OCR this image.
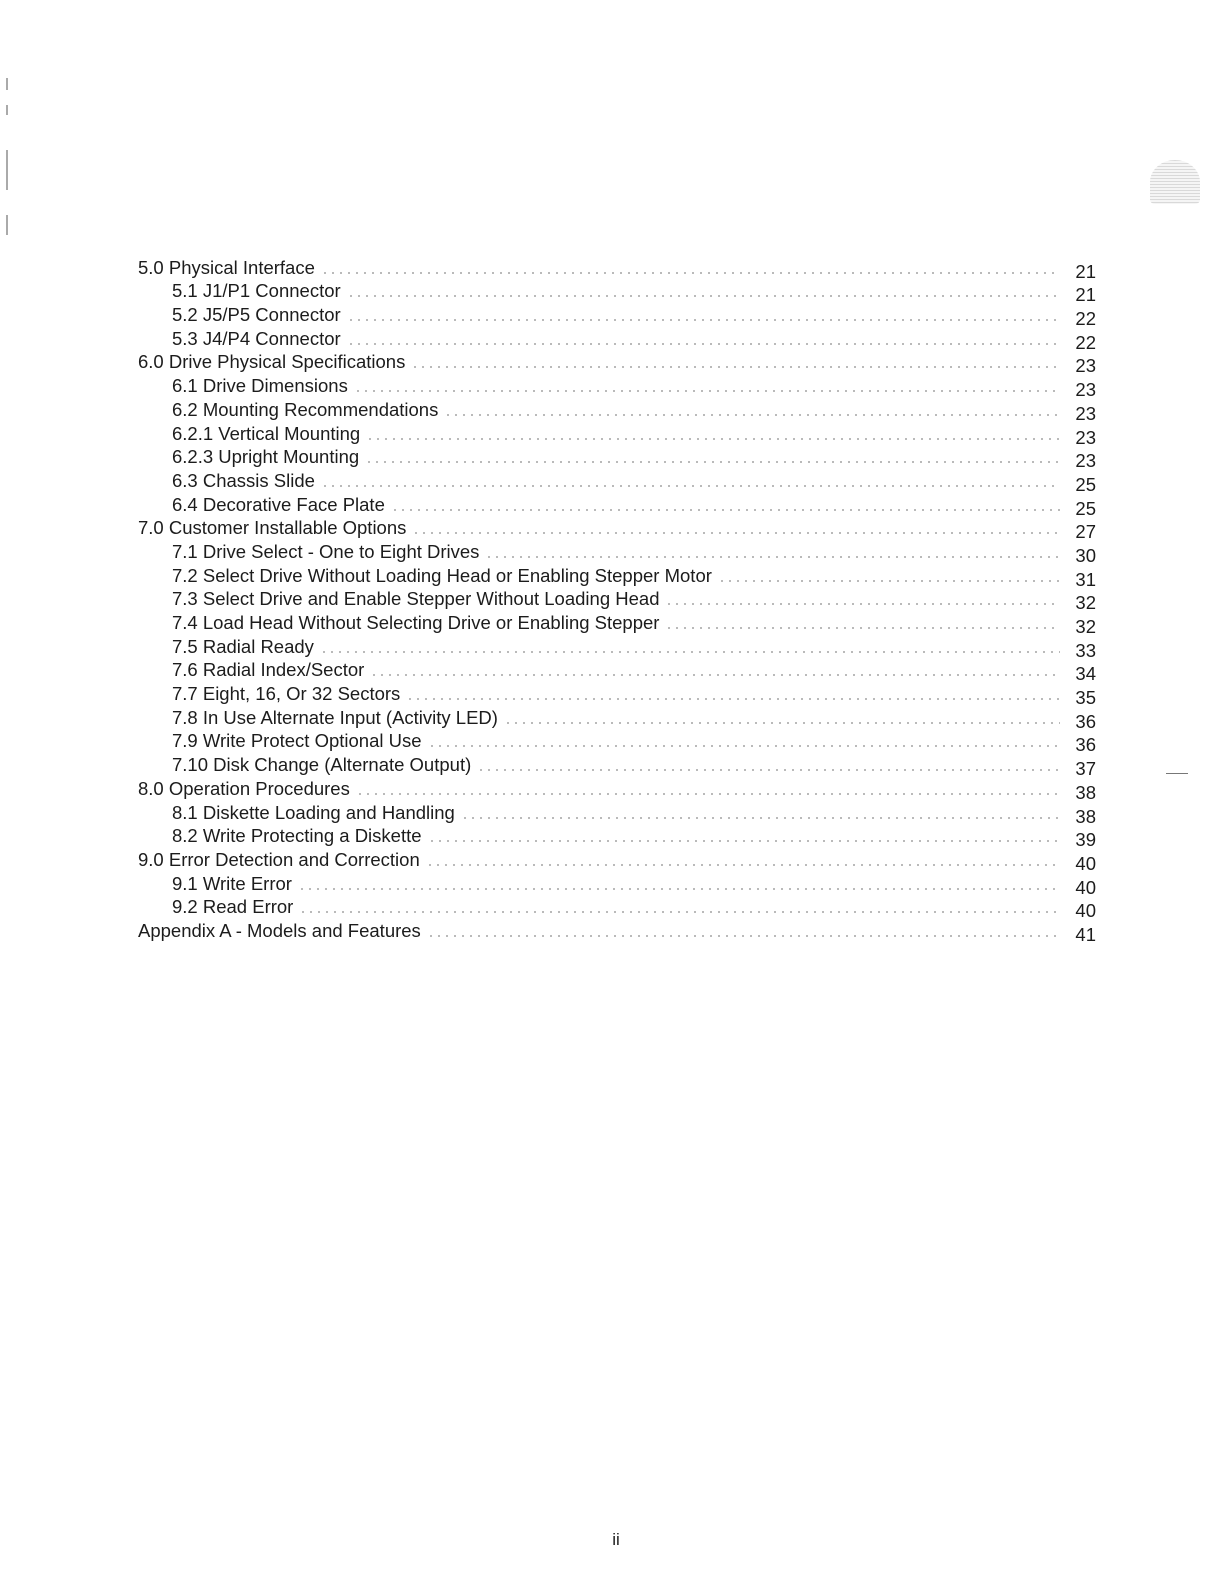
5.0 Physical Interface	21
5.1 J1/P1 Connector	21
5.2 J5/P5 Connector	22
5.3 J4/P4 Connector	22
6.0 Drive Physical Specifications	23
6.1 Drive Dimensions	23
6.2 Mounting Recommendations	23
6.2.1 Vertical Mounting	23
6.2.3 Upright Mounting	23
6.3 Chassis Slide	25
6.4 Decorative Face Plate	25
7.0 Customer Installable Options	27
7.1 Drive Select - One to Eight Drives	30
7.2 Select Drive Without Loading Head or Enabling Stepper Motor	31
7.3 Select Drive and Enable Stepper Without Loading Head	32
7.4 Load Head Without Selecting Drive or Enabling Stepper	32
7.5 Radial Ready	33
7.6 Radial Index/Sector	34
7.7 Eight, 16, Or 32 Sectors	35
7.8 In Use Alternate Input (Activity LED)	36
7.9 Write Protect Optional Use	36
7.10 Disk Change (Alternate Output)	37
8.0 Operation Procedures	38
8.1 Diskette Loading and Handling	38
8.2 Write Protecting a Diskette	39
9.0 Error Detection and Correction	40
9.1 Write Error	40
9.2 Read Error	40
Appendix A - Models and Features	41
ii
